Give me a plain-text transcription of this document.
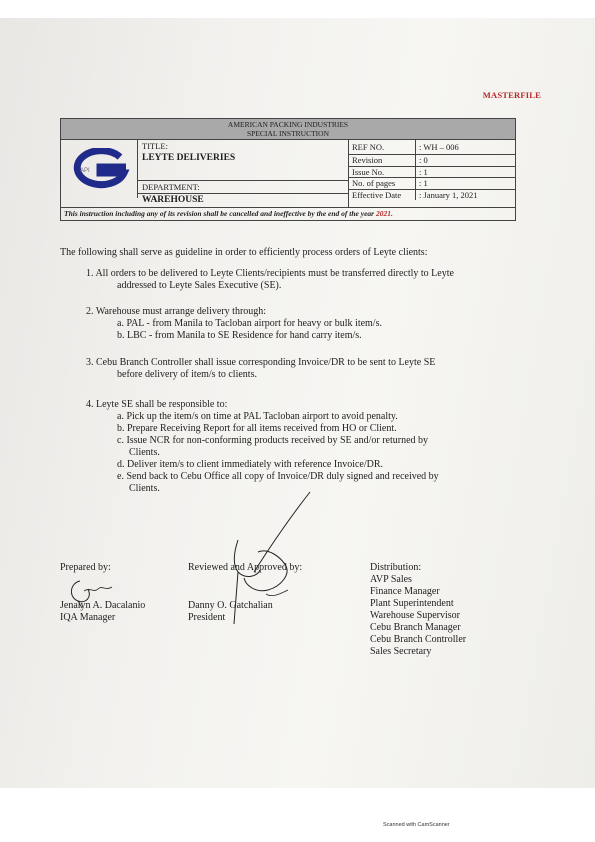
MASTERFILE
AMERICAN PACKING INDUSTRIES
SPECIAL INSTRUCTION
API
TITLE:
LEYTE DELIVERIES
DEPARTMENT:
WAREHOUSE
REF NO.	: WH – 006
Revision	: 0
Issue No.	: 1
No. of pages	: 1
Effective Date	: January 1, 2021
This instruction including any of its revision shall be cancelled and ineffective by the end of the year 2021.
The following shall serve as guideline in order to efficiently process orders of Leyte clients:
1. All orders to be delivered to Leyte Clients/recipients must be transferred directly to Leyte
addressed to Leyte Sales Executive (SE).
2. Warehouse must arrange delivery through:
a. PAL - from Manila to Tacloban airport for heavy or bulk item/s.
b. LBC - from Manila to SE Residence for hand carry item/s.
3. Cebu Branch Controller shall issue corresponding Invoice/DR to be sent to Leyte SE
before delivery of item/s to clients.
4. Leyte SE shall be responsible to:
a. Pick up the item/s on time at PAL Tacloban airport to avoid penalty.
b. Prepare Receiving Report for all items received from HO or Client.
c. Issue NCR for non-conforming products received by SE and/or returned by
Clients.
d. Deliver item/s to client immediately with reference Invoice/DR.
e. Send back to Cebu Office all copy of Invoice/DR duly signed and received by
Clients.
Prepared by:
Jenalyn A. Dacalanio
IQA Manager
Reviewed and Approved by:
Danny O. Gatchalian
President
Distribution:
AVP Sales
Finance Manager
Plant Superintendent
Warehouse Supervisor
Cebu Branch Manager
Cebu Branch Controller
Sales Secretary
Scanned with CamScanner
